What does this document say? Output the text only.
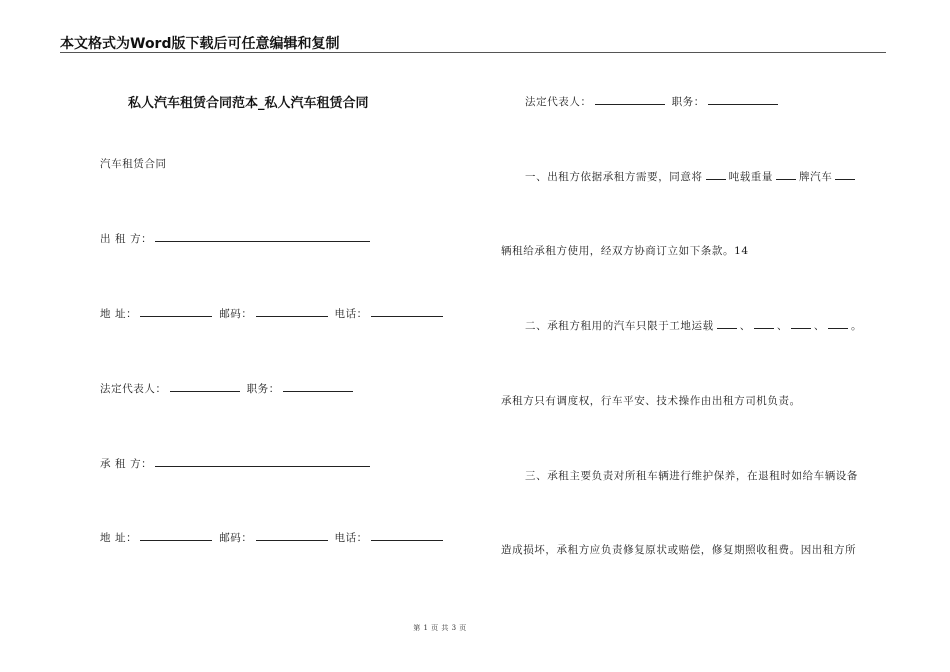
本文格式为Word版下载后可任意编辑和复制
私人汽车租赁合同范本_私人汽车租赁合同
汽车租赁合同
出 租 方：
地 址：	邮码：	电话：
法定代表人：	职务：
承 租 方：
地 址：	邮码：	电话：
法定代表人：	职务：
一、出租方依据承租方需要，同意将 吨载重量 牌汽车
辆租给承租方使用，经双方协商订立如下条款。14
二、承租方租用的汽车只限于工地运载 、 、 、 。
承租方只有调度权，行车平安、技术操作由出租方司机负责。
三、承租主要负责对所租车辆进行维护保养，在退租时如给车辆设备
造成损坏，承租方应负责修复原状或赔偿，修复期照收租费。因出租方所
第 1 页 共 3 页
